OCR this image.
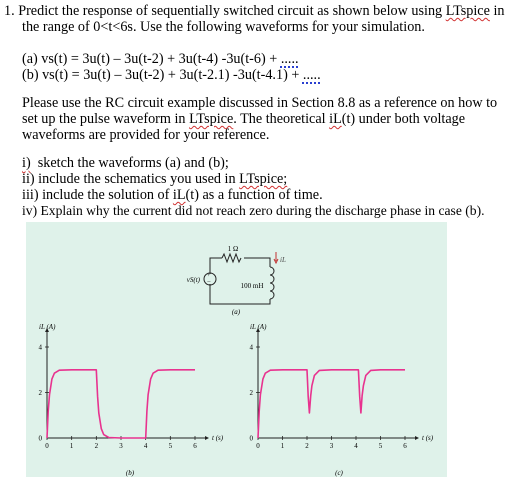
1. Predict the response of sequentially switched circuit as shown below using LTspice in
the range of 0<t<6s. Use the following waveforms for your simulation.
(a) vs(t) = 3u(t) – 3u(t-2) + 3u(t-4) -3u(t-6) + .....
(b) vs(t) = 3u(t) – 3u(t-2) + 3u(t-2.1) -3u(t-4.1) + .....
Please use the RC circuit example discussed in Section 8.8 as a reference on how to
set up the pulse waveform in LTspice. The theoretical iL(t) under both voltage
waveforms are provided for your reference.
i)  sketch the waveforms (a) and (b);
ii) include the schematics you used in LTspice;
iii) include the solution of iL(t) as a function of time.
iv) Explain why the current did not reach zero during the discharge phase in case (b).
+
−
1 Ω
100 mH
vS(t)
iL
(a)
iL (A)
t (s)
0	1	2	3	4	5	6
0
2
4
iL (A)
t (s)
0	1	2	3	4	5	6
0
2
4
(b)	(c)
